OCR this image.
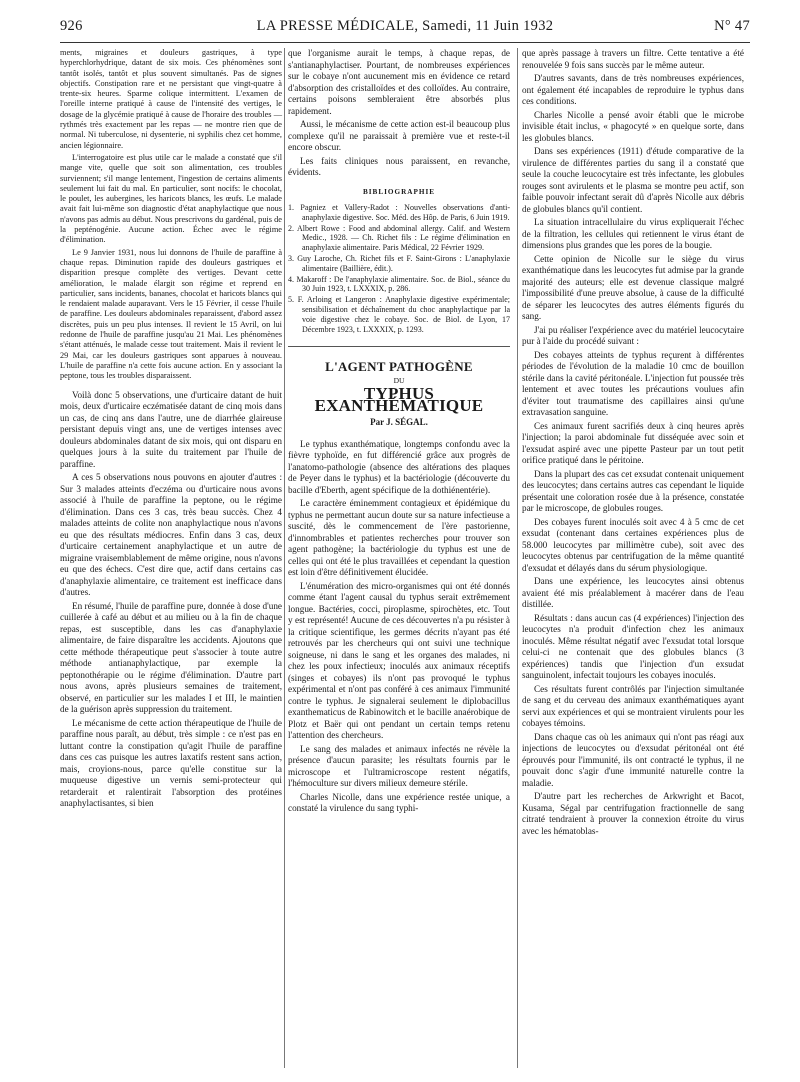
926	LA PRESSE MÉDICALE, Samedi, 11 Juin 1932	N° 47

ments, migraines et douleurs gastriques, à type hyperchlorhydrique, datant de six mois. Ces phénomènes sont tantôt isolés, tantôt et plus souvent simultanés. Pas de signes objectifs. Constipation rare et ne persistant que vingt-quatre à trente-six heures. Sparme colique intermittent. L'examen de l'oreille interne pratiqué à cause de l'intensité des vertiges, le dosage de la glycémie pratiqué à cause de l'horaire des troubles — rythmés très exactement par les repas — ne montre rien que de normal. Ni tuberculose, ni dysenterie, ni syphilis chez cet homme, ancien légionnaire.

L'interrogatoire est plus utile car le malade a constaté que s'il mange vite, quelle que soit son alimentation, ces troubles surviennent; s'il mange lentement, l'ingestion de certains aliments seulement lui fait du mal. En particulier, sont nocifs: le chocolat, le poulet, les aubergines, les haricots blancs, les œufs. Le malade avait fait lui-même son diagnostic d'état anaphylactique que nous n'avons pas admis au début. Nous prescrivons du gardénal, puis de la pepténogénie. Aucune action. Échec avec le régime d'élimination.

Le 9 Janvier 1931, nous lui donnons de l'huile de paraffine à chaque repas. Diminution rapide des douleurs gastriques et disparition presque complète des vertiges. Devant cette amélioration, le malade élargit son régime et reprend en particulier, sans incidents, bananes, chocolat et haricots blancs qui le rendaient malade auparavant. Vers le 15 Février, il cesse l'huile de paraffine. Les douleurs abdominales reparaissent, d'abord assez discrètes, puis un peu plus intenses. Il revient le 15 Avril, on lui redonne de l'huile de paraffine jusqu'au 21 Mai. Les phénomènes s'étant atténués, le malade cesse tout traitement. Mais il revient le 29 Mai, car les douleurs gastriques sont apparues à nouveau. L'huile de paraffine n'a cette fois aucune action. En y associant la peptone, tous les troubles disparaissent.

Voilà donc 5 observations, une d'urticaire datant de huit mois, deux d'urticaire eczématisée datant de cinq mois dans un cas, de cinq ans dans l'autre, une de diarrhée glaireuse persistant depuis vingt ans, une de vertiges intenses avec douleurs abdominales datant de six mois, qui ont disparu en quelques jours à la suite du traitement par l'huile de paraffine.

A ces 5 observations nous pouvons en ajouter d'autres : Sur 3 malades atteints d'eczéma ou d'urticaire nous avons associé à l'huile de paraffine la peptone, ou le régime d'élimination. Dans ces 3 cas, très beau succès. Chez 4 malades atteints de colite non anaphylactique nous n'avons eu que des résultats médiocres. Enfin dans 3 cas, deux d'urticaire certainement anaphylactique et un autre de migraine vraisemblablement de même origine, nous n'avons eu que des échecs. C'est dire que, actif dans certains cas d'anaphylaxie alimentaire, ce traitement est inefficace dans d'autres.

En résumé, l'huile de paraffine pure, donnée à dose d'une cuillerée à café au début et au milieu ou à la fin de chaque repas, est susceptible, dans les cas d'anaphylaxie alimentaire, de faire disparaître les accidents. Ajoutons que cette méthode thérapeutique peut s'associer à toute autre méthode antianaphylactique, par exemple la peptonothérapie ou le régime d'élimination. D'autre part nous avons, après plusieurs semaines de traitement, observé, en particulier sur les malades I et III, le maintien de la guérison après suppression du traitement.

Le mécanisme de cette action thérapeutique de l'huile de paraffine nous paraît, au début, très simple : ce n'est pas en luttant contre la constipation qu'agit l'huile de paraffine dans ces cas puisque les autres laxatifs restent sans action, mais, croyions-nous, parce qu'elle constitue sur la muqueuse digestive un vernis semi-protecteur qui retarderait et ralentirait l'absorption des protéines anaphylactisantes, si bien

que l'organisme aurait le temps, à chaque repas, de s'antianaphylactiser. Pourtant, de nombreuses expériences sur le cobaye n'ont aucunement mis en évidence ce retard d'absorption des cristalloïdes et des colloïdes. Au contraire, certains poisons sembleraient être absorbés plus rapidement.

Aussi, le mécanisme de cette action est-il beaucoup plus complexe qu'il ne paraissait à première vue et reste-t-il encore obscur.

Les faits cliniques nous paraissent, en revanche, évidents.

BIBLIOGRAPHIE

1. Pagniez et Vallery-Radot : Nouvelles observations d'anti-anaphylaxie digestive. Soc. Méd. des Hôp. de Paris, 6 Juin 1919.

2. Albert Rowe : Food and abdominal allergy. Calif. and Western Medic., 1928. — Ch. Richet fils : Le régime d'élimination en anaphylaxie alimentaire. Paris Médical, 22 Février 1929.

3. Guy Laroche, Ch. Richet fils et F. Saint-Girons : L'anaphylaxie alimentaire (Baillière, édit.).

4. Makaroff : De l'anaphylaxie alimentaire. Soc. de Biol., séance du 30 Juin 1923, t. LXXXIX, p. 286.

5. F. Arloing et Langeron : Anaphylaxie digestive expérimentale; sensibilisation et déchaînement du choc anaphylactique par la voie digestive chez le cobaye. Soc. de Biol. de Lyon, 17 Décembre 1923, t. LXXXIX, p. 1293.

L'AGENT PATHOGÈNE
DU
TYPHUS EXANTHÉMATIQUE
Par J. SÉGAL.

Le typhus exanthématique, longtemps confondu avec la fièvre typhoïde, en fut différencié grâce aux progrès de l'anatomo-pathologie (absence des altérations des plaques de Peyer dans le typhus) et la bactériologie (découverte du bacille d'Eberth, agent spécifique de la dothiénentérie).

Le caractère éminemment contagieux et épidémique du typhus ne permettant aucun doute sur sa nature infectieuse a suscité, dès le commencement de l'ère pastorienne, d'innombrables et patientes recherches pour trouver son agent pathogène; la bactériologie du typhus est une de celles qui ont été le plus travaillées et cependant la question est loin d'être définitivement élucidée.

L'énumération des micro-organismes qui ont été donnés comme étant l'agent causal du typhus serait extrêmement longue. Bactéries, cocci, piroplasme, spirochètes, etc. Tout y est représenté! Aucune de ces découvertes n'a pu résister à la critique scientifique, les germes décrits n'ayant pas été retrouvés par les chercheurs qui ont suivi une technique soigneuse, ni dans le sang et les organes des malades, ni chez les poux infectieux; inoculés aux animaux réceptifs (singes et cobayes) ils n'ont pas provoqué le typhus expérimental et n'ont pas conféré à ces animaux l'immunité contre le typhus. Je signalerai seulement le diplobacillus exanthematicus de Rabinowitch et le bacille anaérobique de Plotz et Baër qui ont pendant un certain temps retenu l'attention des chercheurs.

Le sang des malades et animaux infectés ne révèle la présence d'aucun parasite; les résultats fournis par le microscope et l'ultramicroscope restent négatifs, l'hémoculture sur divers milieux demeure stérile.

Charles Nicolle, dans une expérience restée unique, a constaté la virulence du sang typhi-

que après passage à travers un filtre. Cette tentative a été renouvelée 9 fois sans succès par le même auteur.

D'autres savants, dans de très nombreuses expériences, ont également été incapables de reproduire le typhus dans ces conditions.

Charles Nicolle a pensé avoir établi que le microbe invisible était inclus, « phagocyté » en quelque sorte, dans les globules blancs.

Dans ses expériences (1911) d'étude comparative de la virulence de différentes parties du sang il a constaté que seule la couche leucocytaire est très infectante, les globules rouges sont avirulents et le plasma se montre peu actif, son faible pouvoir infectant serait dû d'après Nicolle aux débris de globules blancs qu'il contient.

La situation intracellulaire du virus expliquerait l'échec de la filtration, les cellules qui retiennent le virus étant de dimensions plus grandes que les pores de la bougie.

Cette opinion de Nicolle sur le siège du virus exanthématique dans les leucocytes fut admise par la grande majorité des auteurs; elle est devenue classique malgré l'impossibilité d'une preuve absolue, à cause de la difficulté de séparer les leucocytes des autres éléments figurés du sang.

J'ai pu réaliser l'expérience avec du matériel leucocytaire pur à l'aide du procédé suivant :

Des cobayes atteints de typhus reçurent à différentes périodes de l'évolution de la maladie 10 cmc de bouillon stérile dans la cavité péritonéale. L'injection fut poussée très lentement et avec toutes les précautions voulues afin d'éviter tout traumatisme des capillaires ainsi qu'une extravasation sanguine.

Ces animaux furent sacrifiés deux à cinq heures après l'injection; la paroi abdominale fut disséquée avec soin et l'exsudat aspiré avec une pipette Pasteur par un tout petit orifice pratiqué dans le péritoine.

Dans la plupart des cas cet exsudat contenait uniquement des leucocytes; dans certains autres cas cependant le liquide présentait une coloration rosée due à la présence, constatée par le microscope, de globules rouges.

Des cobayes furent inoculés soit avec 4 à 5 cmc de cet exsudat (contenant dans certaines expériences plus de 58.000 leucocytes par millimètre cube), soit avec des leucocytes obtenus par centrifugation de la même quantité d'exsudat et délayés dans du sérum physiologique.

Dans une expérience, les leucocytes ainsi obtenus avaient été mis préalablement à macérer dans de l'eau distillée.

Résultats : dans aucun cas (4 expériences) l'injection des leucocytes n'a produit d'infection chez les animaux inoculés. Même résultat négatif avec l'exsudat total lorsque celui-ci ne contenait que des globules blancs (3 expériences) tandis que l'injection d'un exsudat sanguinolent, infectait toujours les cobayes inoculés.

Ces résultats furent contrôlés par l'injection simultanée de sang et du cerveau des animaux exanthématiques ayant servi aux expériences et qui se montraient virulents pour les cobayes témoins.

Dans chaque cas où les animaux qui n'ont pas réagi aux injections de leucocytes ou d'exsudat péritonéal ont été éprouvés pour l'immunité, ils ont contracté le typhus, il ne pouvait donc s'agir d'une immunité naturelle contre la maladie.

D'autre part les recherches de Arkwright et Bacot, Kusama, Ségal par centrifugation fractionnelle de sang citraté tendraient à prouver la connexion étroite du virus avec les hématoblas-
